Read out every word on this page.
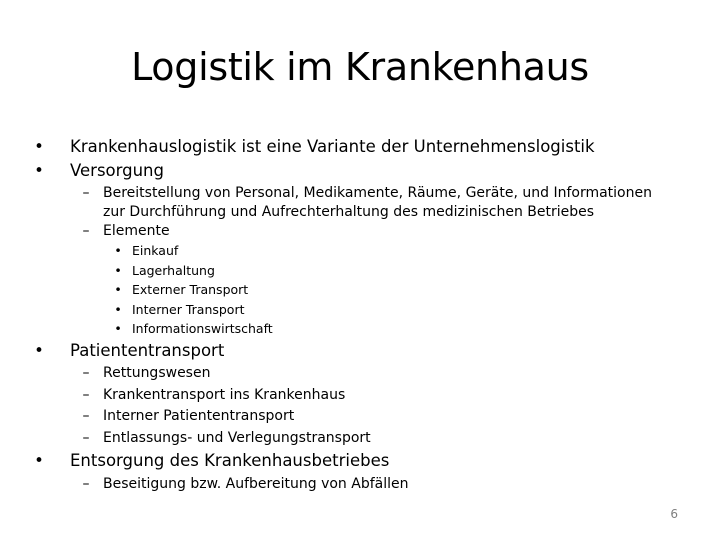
Logistik im Krankenhaus
• Krankenhauslogistik ist eine Variante der Unternehmenslogistik
• Versorgung
– Bereitstellung von Personal, Medikamente, Räume, Geräte, und Informationen
zur Durchführung und Aufrechterhaltung des medizinischen Betriebes
– Elemente
• Einkauf
• Lagerhaltung
• Externer Transport
• Interner Transport
• Informationswirtschaft
• Patiententransport
– Rettungswesen
– Krankentransport ins Krankenhaus
– Interner Patiententransport
– Entlassungs- und Verlegungstransport
• Entsorgung des Krankenhausbetriebes
– Beseitigung bzw. Aufbereitung von Abfällen
6
